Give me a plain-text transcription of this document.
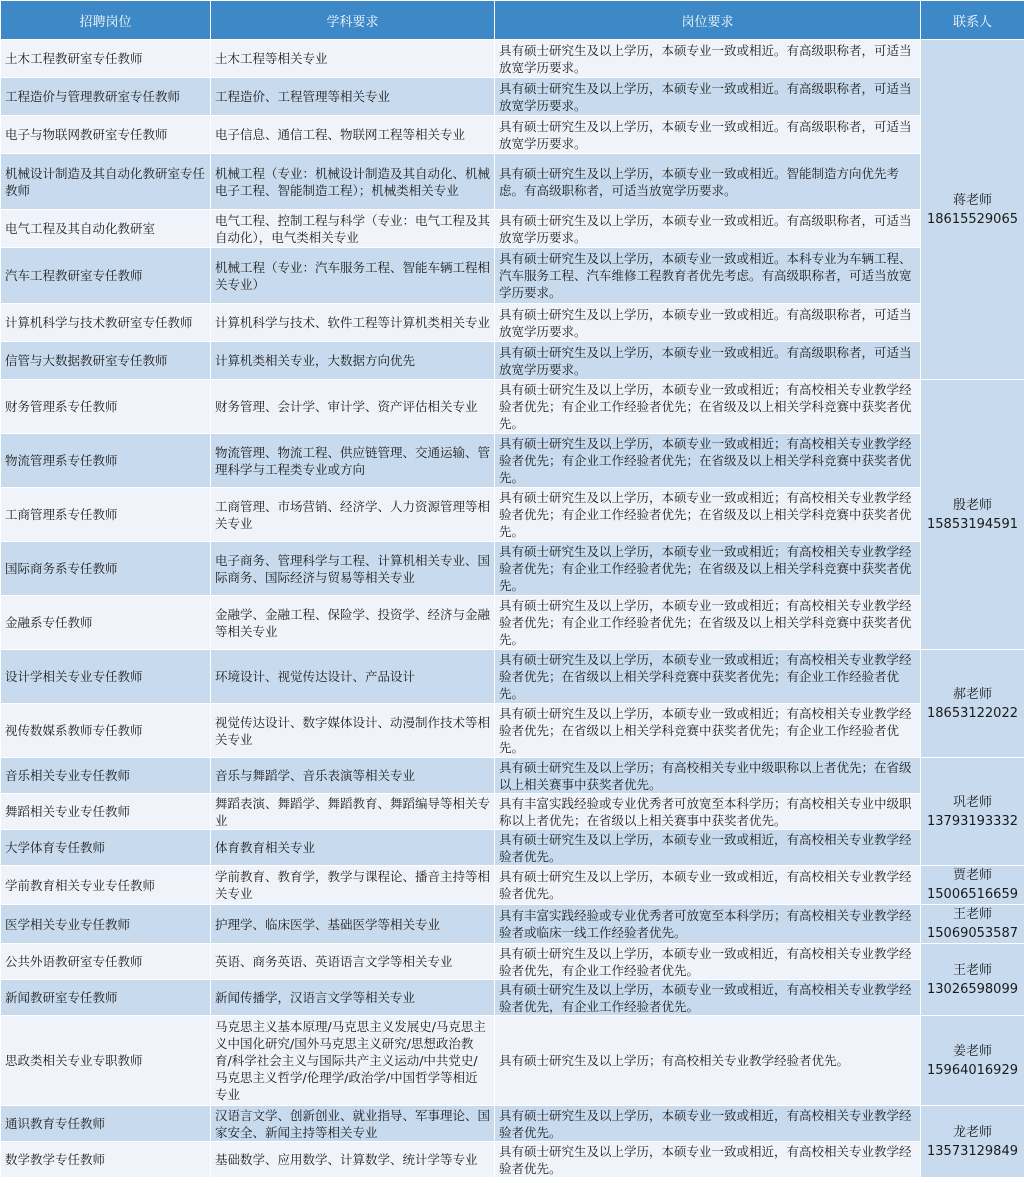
招聘岗位	学科要求	岗位要求	联系人
土木工程教研室专任教师	土木工程等相关专业	具有硕士研究生及以上学历，本硕专业一致或相近。有高级职称者，可适当放宽学历要求。	蒋老师
18615529065
工程造价与管理教研室专任教师	工程造价、工程管理等相关专业	具有硕士研究生及以上学历，本硕专业一致或相近。有高级职称者，可适当放宽学历要求。	
电子与物联网教研室专任教师	电子信息、通信工程、物联网工程等相关专业	具有硕士研究生及以上学历，本硕专业一致或相近。有高级职称者，可适当放宽学历要求。	
机械设计制造及其自动化教研室专任教师	机械工程（专业：机械设计制造及其自动化、机械电子工程、智能制造工程）；机械类相关专业	具有硕士研究生及以上学历，本硕专业一致或相近。智能制造方向优先考虑。有高级职称者，可适当放宽学历要求。	
电气工程及其自动化教研室	电气工程、控制工程与科学（专业：电气工程及其自动化），电气类相关专业	具有硕士研究生及以上学历，本硕专业一致或相近。有高级职称者，可适当放宽学历要求。	
汽车工程教研室专任教师	机械工程（专业：汽车服务工程、智能车辆工程相关专业）	具有硕士研究生及以上学历，本硕专业一致或相近。本科专业为车辆工程、汽车服务工程、汽车维修工程教育者优先考虑。有高级职称者，可适当放宽学历要求。	
计算机科学与技术教研室专任教师	计算机科学与技术、软件工程等计算机类相关专业	具有硕士研究生及以上学历，本硕专业一致或相近。有高级职称者，可适当放宽学历要求。	
信管与大数据教研室专任教师	计算机类相关专业，大数据方向优先	具有硕士研究生及以上学历，本硕专业一致或相近。有高级职称者，可适当放宽学历要求。	
财务管理系专任教师	财务管理、会计学、审计学、资产评估相关专业	具有硕士研究生及以上学历，本硕专业一致或相近；有高校相关专业教学经验者优先；有企业工作经验者优先；在省级及以上相关学科竞赛中获奖者优先。	殷老师
15853194591
物流管理系专任教师	物流管理、物流工程、供应链管理、交通运输、管理科学与工程类专业或方向	具有硕士研究生及以上学历，本硕专业一致或相近；有高校相关专业教学经验者优先；有企业工作经验者优先；在省级及以上相关学科竞赛中获奖者优先。	
工商管理系专任教师	工商管理、市场营销、经济学、人力资源管理等相关专业	具有硕士研究生及以上学历，本硕专业一致或相近；有高校相关专业教学经验者优先；有企业工作经验者优先；在省级及以上相关学科竞赛中获奖者优先。	
国际商务系专任教师	电子商务、管理科学与工程、计算机相关专业、国际商务、国际经济与贸易等相关专业	具有硕士研究生及以上学历，本硕专业一致或相近；有高校相关专业教学经验者优先；有企业工作经验者优先；在省级及以上相关学科竞赛中获奖者优先。	
金融系专任教师	金融学、金融工程、保险学、投资学、经济与金融等相关专业	具有硕士研究生及以上学历，本硕专业一致或相近；有高校相关专业教学经验者优先；有企业工作经验者优先；在省级及以上相关学科竞赛中获奖者优先。	
设计学相关专业专任教师	环境设计、视觉传达设计、产品设计	具有硕士研究生及以上学历，本硕专业一致或相近；有高校相关专业教学经验者优先；在省级以上相关学科竞赛中获奖者优先；有企业工作经验者优先。	郝老师
18653122022
视传数媒系教师专任教师	视觉传达设计、数字媒体设计、动漫制作技术等相关专业	具有硕士研究生及以上学历，本硕专业一致或相近；有高校相关专业教学经验者优先；在省级以上相关学科竞赛中获奖者优先；有企业工作经验者优先。	
音乐相关专业专任教师	音乐与舞蹈学、音乐表演等相关专业	具有硕士研究生及以上学历；有高校相关专业中级职称以上者优先；在省级以上相关赛事中获奖者优先。	巩老师
13793193332
舞蹈相关专业专任教师	舞蹈表演、舞蹈学、舞蹈教育、舞蹈编导等相关专业	具有丰富实践经验或专业优秀者可放宽至本科学历；有高校相关专业中级职称以上者优先；在省级以上相关赛事中获奖者优先。	
大学体育专任教师	体育教育相关专业	具有硕士研究生及以上学历，本硕专业一致或相近，有高校相关专业教学经验者优先。	
学前教育相关专业专任教师	学前教育、教育学，教学与课程论、播音主持等相关专业	具有硕士研究生及以上学历，本硕专业一致或相近，有高校相关专业教学经验者优先。	贾老师
15006516659
医学相关专业专任教师	护理学、临床医学、基础医学等相关专业	具有丰富实践经验或专业优秀者可放宽至本科学历；有高校相关专业教学经验者或临床一线工作经验者优先。	王老师
15069053587
公共外语教研室专任教师	英语、商务英语、英语语言文学等相关专业	具有硕士研究生及以上学历，本硕专业一致或相近，有高校相关专业教学经验者优先，有企业工作经验者优先。	王老师
13026598099
新闻教研室专任教师	新闻传播学，汉语言文学等相关专业	具有硕士研究生及以上学历，本硕专业一致或相近，有高校相关专业教学经验者优先，有企业工作经验者优先。	
思政类相关专业专职教师	马克思主义基本原理/马克思主义发展史/马克思主义中国化研究/国外马克思主义研究/思想政治教育/科学社会主义与国际共产主义运动/中共党史/马克思主义哲学/伦理学/政治学/中国哲学等相近专业	具有硕士研究生及以上学历；有高校相关专业教学经验者优先。	姜老师
15964016929
通识教育专任教师	汉语言文学、创新创业、就业指导、军事理论、国家安全、新闻主持等相关专业	具有硕士研究生及以上学历，本硕专业一致或相近，有高校相关专业教学经验者优先。	龙老师
13573129849
数学教学专任教师	基础数学、应用数学、计算数学、统计学等专业	具有硕士研究生及以上学历，本硕专业一致或相近，有高校相关专业教学经验者优先。	
